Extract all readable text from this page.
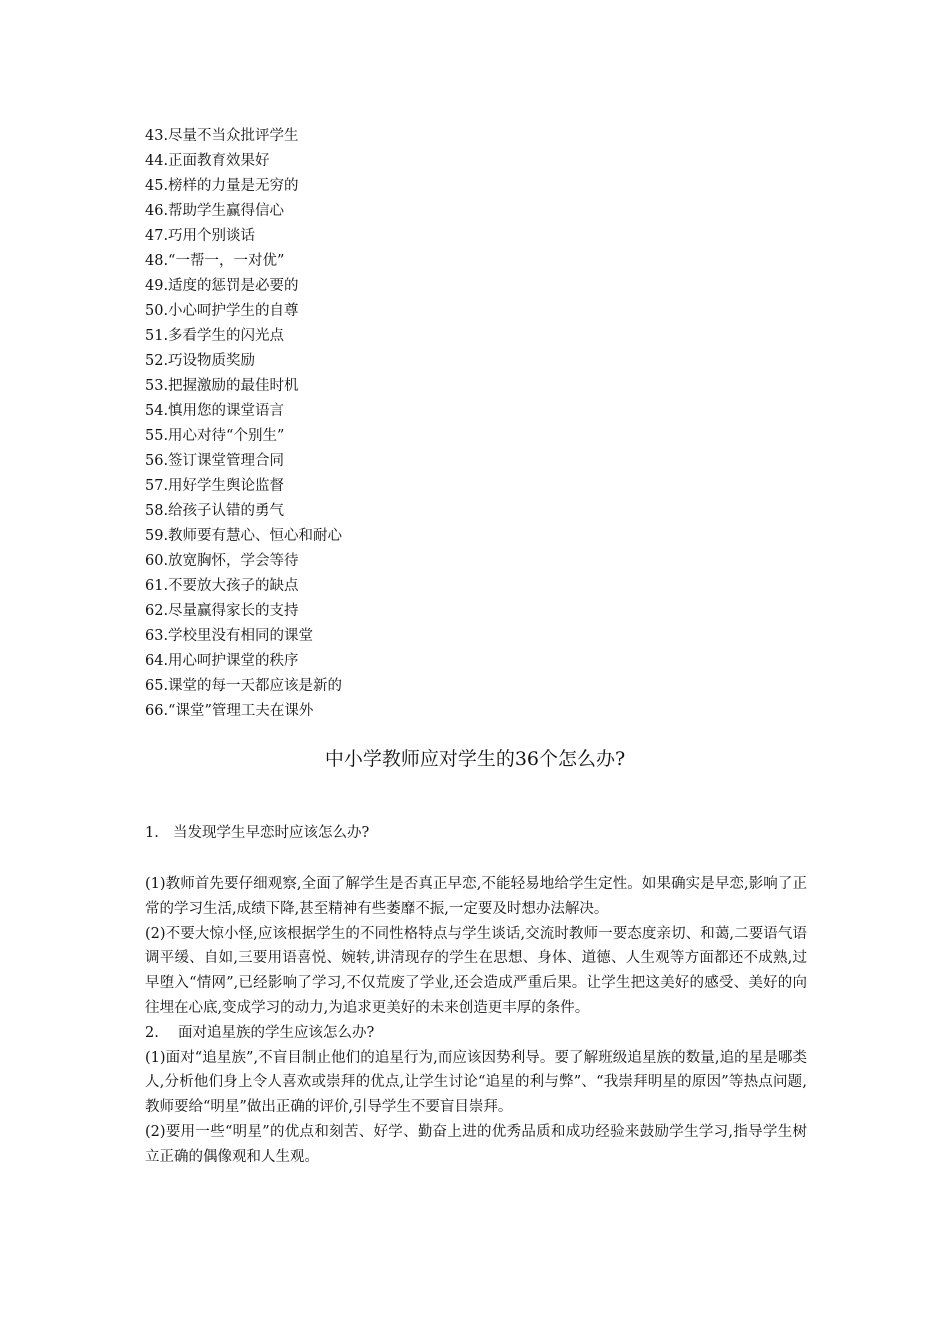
43.尽量不当众批评学生
44.正面教育效果好
45.榜样的力量是无穷的
46.帮助学生赢得信心
47.巧用个别谈话
48.“一帮一，一对优”
49.适度的惩罚是必要的
50.小心呵护学生的自尊
51.多看学生的闪光点
52.巧设物质奖励
53.把握激励的最佳时机
54.慎用您的课堂语言
55.用心对待“个别生”
56.签订课堂管理合同
57.用好学生舆论监督
58.给孩子认错的勇气
59.教师要有慧心、恒心和耐心
60.放宽胸怀，学会等待
61.不要放大孩子的缺点
62.尽量赢得家长的支持
63.学校里没有相同的课堂
64.用心呵护课堂的秩序
65.课堂的每一天都应该是新的
66.“课堂”管理工夫在课外
中小学教师应对学生的36个怎么办?

1. 当发现学生早恋时应该怎么办?

(1)教师首先要仔细观察,全面了解学生是否真正早恋,不能轻易地给学生定性。如果确实是早恋,影响了正常的学习生活,成绩下降,甚至精神有些萎靡不振,一定要及时想办法解决。

(2)不要大惊小怪,应该根据学生的不同性格特点与学生谈话,交流时教师一要态度亲切、和蔼,二要语气语调平缓、自如,三要用语喜悦、婉转,讲清现存的学生在思想、身体、道德、人生观等方面都还不成熟,过早堕入“情网”,已经影响了学习,不仅荒废了学业,还会造成严重后果。让学生把这美好的感受、美好的向往埋在心底,变成学习的动力,为追求更美好的未来创造更丰厚的条件。

2. 面对追星族的学生应该怎么办?

(1)面对“追星族”,不盲目制止他们的追星行为,而应该因势利导。要了解班级追星族的数量,追的星是哪类人,分析他们身上令人喜欢或崇拜的优点,让学生讨论“追星的利与弊”、“我崇拜明星的原因”等热点问题,教师要给“明星”做出正确的评价,引导学生不要盲目崇拜。

(2)要用一些“明星”的优点和刻苦、好学、勤奋上进的优秀品质和成功经验来鼓励学生学习,指导学生树立正确的偶像观和人生观。
